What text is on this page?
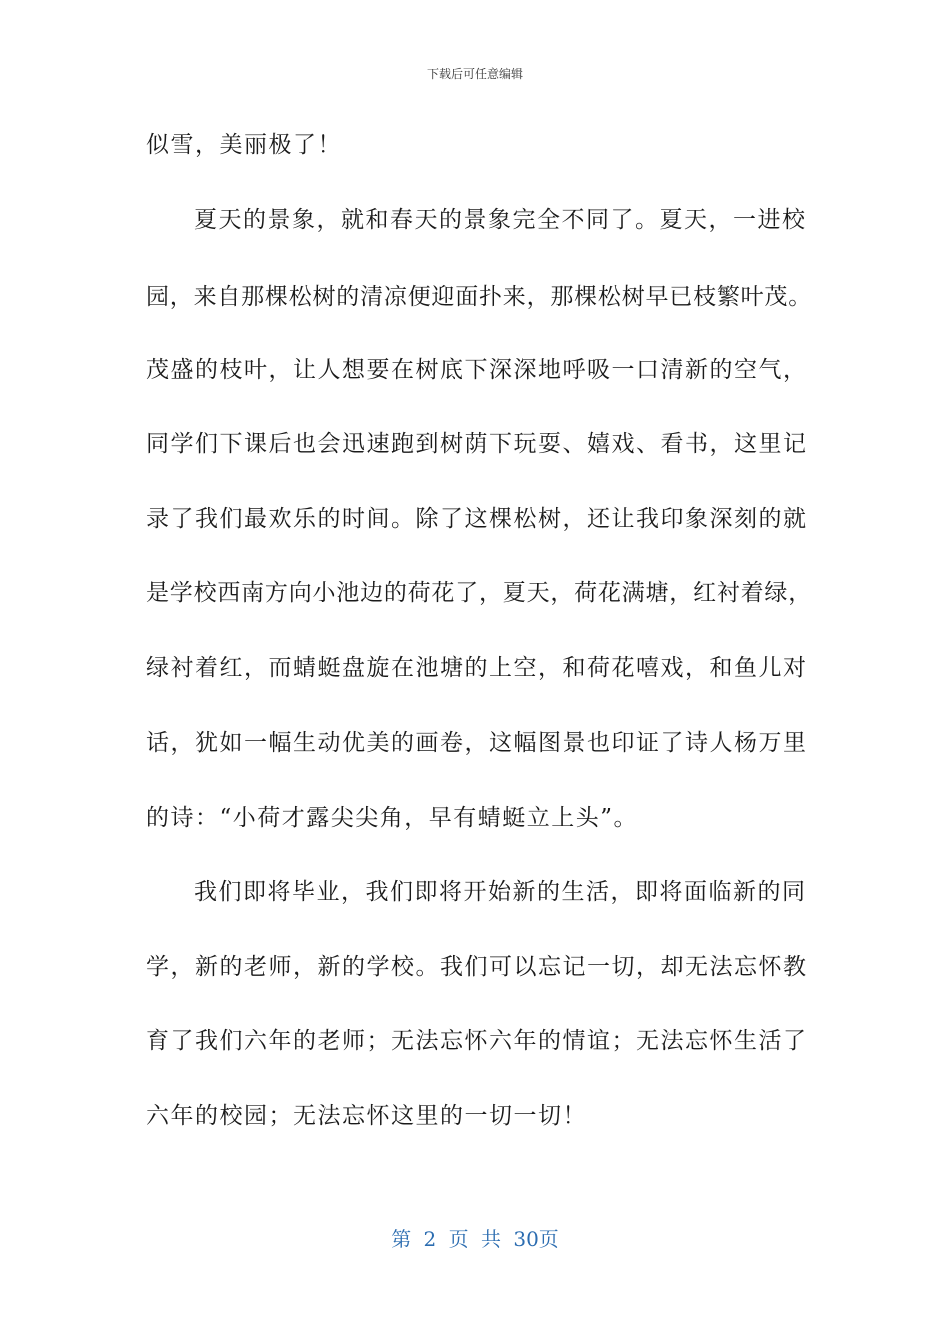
下载后可任意编辑
似雪，美丽极了！
夏天的景象，就和春天的景象完全不同了。夏天，一进校
园，来自那棵松树的清凉便迎面扑来，那棵松树早已枝繁叶茂。
茂盛的枝叶，让人想要在树底下深深地呼吸一口清新的空气，
同学们下课后也会迅速跑到树荫下玩耍、嬉戏、看书，这里记
录了我们最欢乐的时间。除了这棵松树，还让我印象深刻的就
是学校西南方向小池边的荷花了，夏天，荷花满塘，红衬着绿，
绿衬着红，而蜻蜓盘旋在池塘的上空，和荷花嘻戏，和鱼儿对
话，犹如一幅生动优美的画卷，这幅图景也印证了诗人杨万里
的诗：“小荷才露尖尖角，早有蜻蜓立上头”。
我们即将毕业，我们即将开始新的生活，即将面临新的同
学，新的老师，新的学校。我们可以忘记一切，却无法忘怀教
育了我们六年的老师；无法忘怀六年的情谊；无法忘怀生活了
六年的校园；无法忘怀这里的一切一切！
第 2 页 共 30页
